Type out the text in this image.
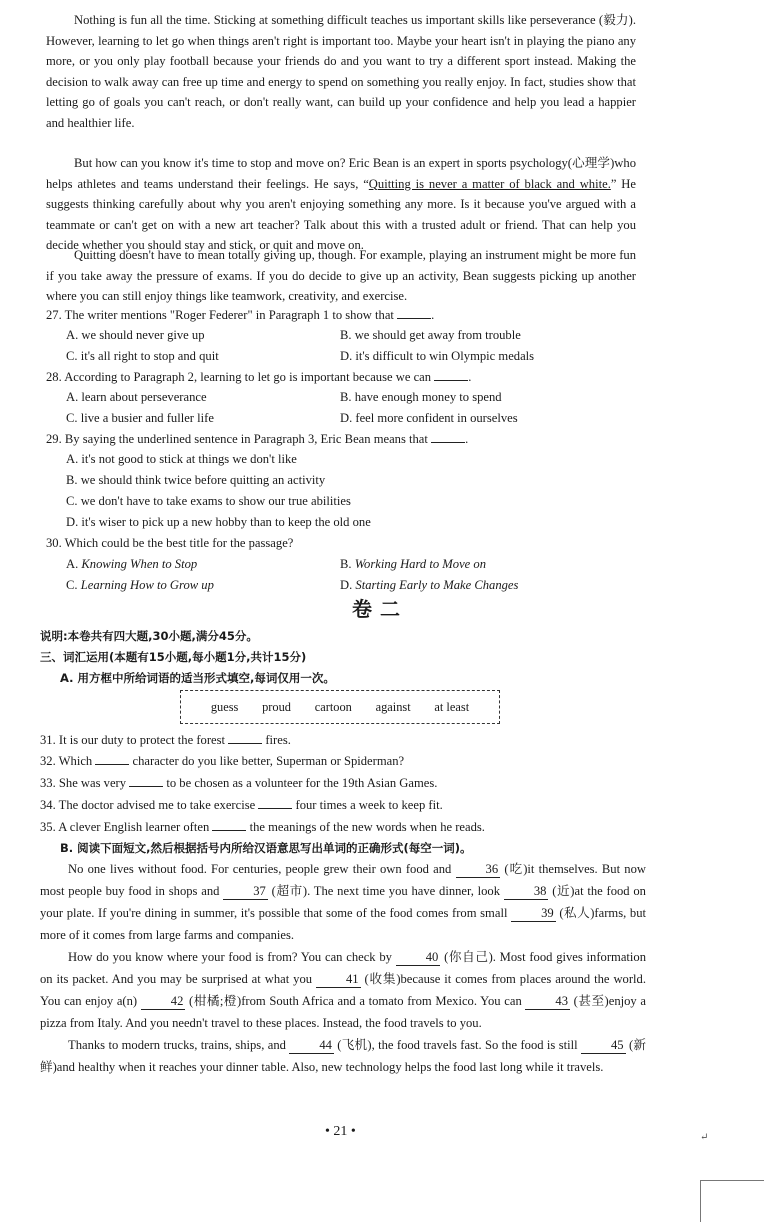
Nothing is fun all the time. Sticking at something difficult teaches us important skills like perseverance (毅力). However, learning to let go when things aren't right is important too. Maybe your heart isn't in playing the piano any more, or you only play football because your friends do and you want to try a different sport instead. Making the decision to walk away can free up time and energy to spend on something you really enjoy. In fact, studies show that letting go of goals you can't reach, or don't really want, can build up your confidence and help you lead a happier and healthier life.

But how can you know it's time to stop and move on? Eric Bean is an expert in sports psychology(心理学)who helps athletes and teams understand their feelings. He says, “Quitting is never a matter of black and white.” He suggests thinking carefully about why you aren't enjoying something any more. Is it because you've argued with a teammate or can't get on with a new art teacher? Talk about this with a trusted adult or friend. That can help you decide whether you should stay and stick, or quit and move on.

Quitting doesn't have to mean totally giving up, though. For example, playing an instrument might be more fun if you take away the pressure of exams. If you do decide to give up an activity, Bean suggests picking up another where you can still enjoy things like teamwork, creativity, and exercise.

27. The writer mentions "Roger Federer" in Paragraph 1 to show that	.
A. we should never give up	B. we should get away from trouble
C. it's all right to stop and quit	D. it's difficult to win Olympic medals
28. According to Paragraph 2, learning to let go is important because we can	.
A. learn about perseverance	B. have enough money to spend
C. live a busier and fuller life	D. feel more confident in ourselves
29. By saying the underlined sentence in Paragraph 3, Eric Bean means that	.
A. it's not good to stick at things we don't like
B. we should think twice before quitting an activity
C. we don't have to take exams to show our true abilities
D. it's wiser to pick up a new hobby than to keep the old one
30. Which could be the best title for the passage?
A. Knowing When to Stop	B. Working Hard to Move on
C. Learning How to Grow up	D. Starting Early to Make Changes
卷二
说明:本卷共有四大题,30小题,满分45分。
三、词汇运用(本题有15小题,每小题1分,共计15分)
A. 用方框中所给词语的适当形式填空,每词仅用一次。
guess proud cartoon against at least
31. It is our duty to protect the forest	fires.
32. Which	character do you like better, Superman or Spiderman?
33. She was very	to be chosen as a volunteer for the 19th Asian Games.
34. The doctor advised me to take exercise	four times a week to keep fit.
35. A clever English learner often	the meanings of the new words when he reads.
B. 阅读下面短文,然后根据括号内所给汉语意思写出单词的正确形式(每空一词)。

No one lives without food. For centuries, people grew their own food and	36 (吃)it themselves. But now most people buy food in shops and	37 (超市). The next time you have dinner, look	38 (近)at the food on your plate. If you're dining in summer, it's possible that some of the food comes from small	39 (私人)farms, but more of it comes from large farms and companies.

How do you know where your food is from? You can check by	40 (你自己). Most food gives information on its packet. And you may be surprised at what you	41 (收集)because it comes from places around the world. You can enjoy a(n)	42 (柑橘;橙)from South Africa and a tomato from Mexico. You can	43 (甚至)enjoy a pizza from Italy. And you needn't travel to these places. Instead, the food travels to you.

Thanks to modern trucks, trains, ships, and	44 (飞机), the food travels fast. So the food is still	45 (新鲜)and healthy when it reaches your dinner table. Also, new technology helps the food last long while it travels.

• 21 •	↵
